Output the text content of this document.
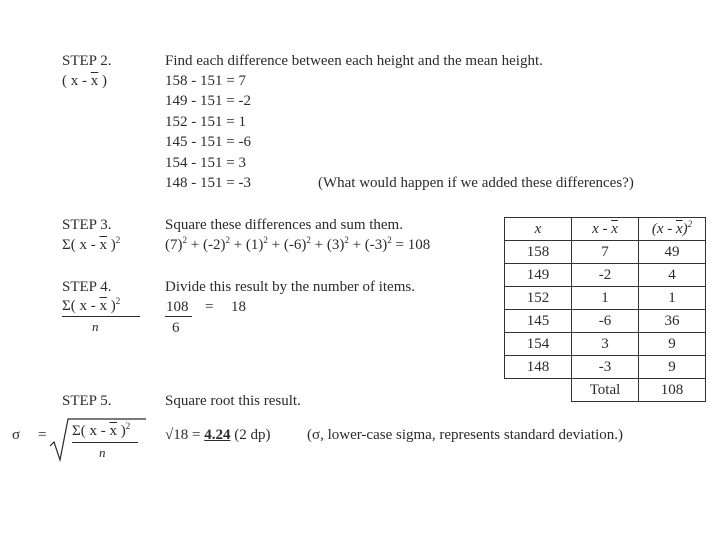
STEP 2.
( x - $\overline{x}$ )
Find each difference between each height and the mean height.
158 - 151 = 7
149 - 151 = -2
152 - 151 = 1
145 - 151 = -6
154 - 151 = 3
148 - 151 = -3	(What would happen if we added these differences?)
STEP 3.
Σ( x - $\overline{x}$ )$^2$
Square these differences and sum them.
$(7)^2 + (-2)^2 + (1)^2 + (-6)^2 + (3)^2 + (-3)^2 = 108$
STEP 4.
Σ( x - $\overline{x}$ )$^2$
n
Divide this result by the number of items.
108
6
= 18
STEP 5.	Square root this result.
σ = Σ( x - $\overline{x}$ )$^2$
n
√18 = 4.24 (2 dp) (σ, lower-case sigma, represents standard deviation.)
x	x - $\overline{x}$	$(x - \overline{x})^2$
158	7	49
149	-2	4
152	1	1
145	-6	36
154	3	9
148	-3	9
	Total	108
